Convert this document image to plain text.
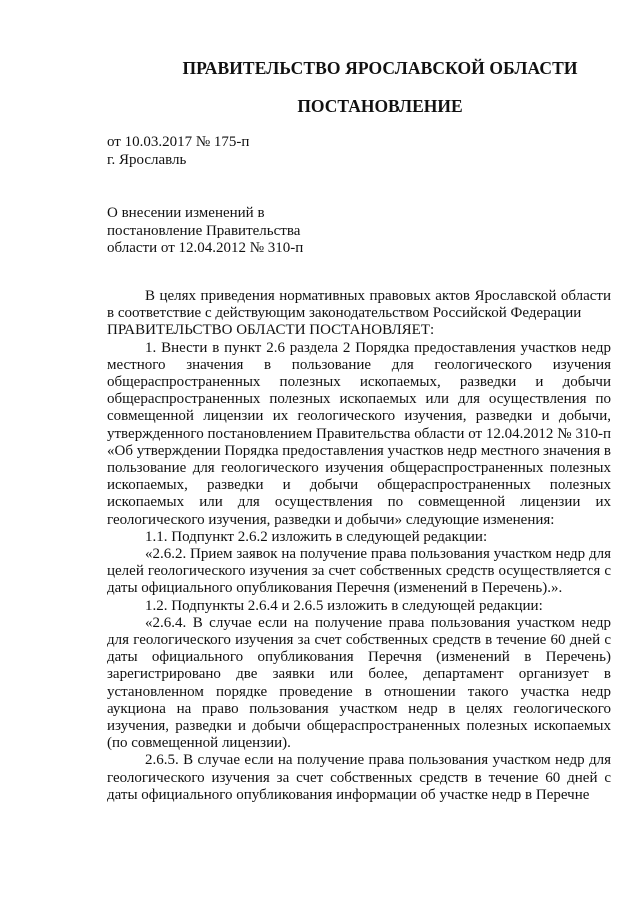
ПРАВИТЕЛЬСТВО ЯРОСЛАВСКОЙ ОБЛАСТИ
ПОСТАНОВЛЕНИЕ
от 10.03.2017 № 175-п
г. Ярославль
О внесении изменений в
постановление Правительства
области от 12.04.2012 № 310-п

В целях приведения нормативных правовых актов Ярославской области в соответствие с действующим законодательством Российской Федерации

ПРАВИТЕЛЬСТВО ОБЛАСТИ ПОСТАНОВЛЯЕТ:

1. Внести в пункт 2.6 раздела 2 Порядка предоставления участков недр местного значения в пользование для геологического изучения общераспространенных полезных ископаемых, разведки и добычи общераспространенных полезных ископаемых или для осуществления по совмещенной лицензии их геологического изучения, разведки и добычи, утвержденного постановлением Правительства области от 12.04.2012 № 310-п «Об утверждении Порядка предоставления участков недр местного значения в пользование для геологического изучения общераспространенных полезных ископаемых, разведки и добычи общераспространенных полезных ископаемых или для осуществления по совмещенной лицензии их геологического изучения, разведки и добычи» следующие изменения:

1.1. Подпункт 2.6.2 изложить в следующей редакции:

«2.6.2. Прием заявок на получение права пользования участком недр для целей геологического изучения за счет собственных средств осуществляется с даты официального опубликования Перечня (изменений в Перечень).».

1.2. Подпункты 2.6.4 и 2.6.5 изложить в следующей редакции:

«2.6.4. В случае если на получение права пользования участком недр для геологического изучения за счет собственных средств в течение 60 дней с даты официального опубликования Перечня (изменений в Перечень) зарегистрировано две заявки или более, департамент организует в установленном порядке проведение в отношении такого участка недр аукциона на право пользования участком недр в целях геологического изучения, разведки и добычи общераспространенных полезных ископаемых (по совмещенной лицензии).

2.6.5. В случае если на получение права пользования участком недр для геологического изучения за счет собственных средств в течение 60 дней с даты официального опубликования информации об участке недр в Перечне
